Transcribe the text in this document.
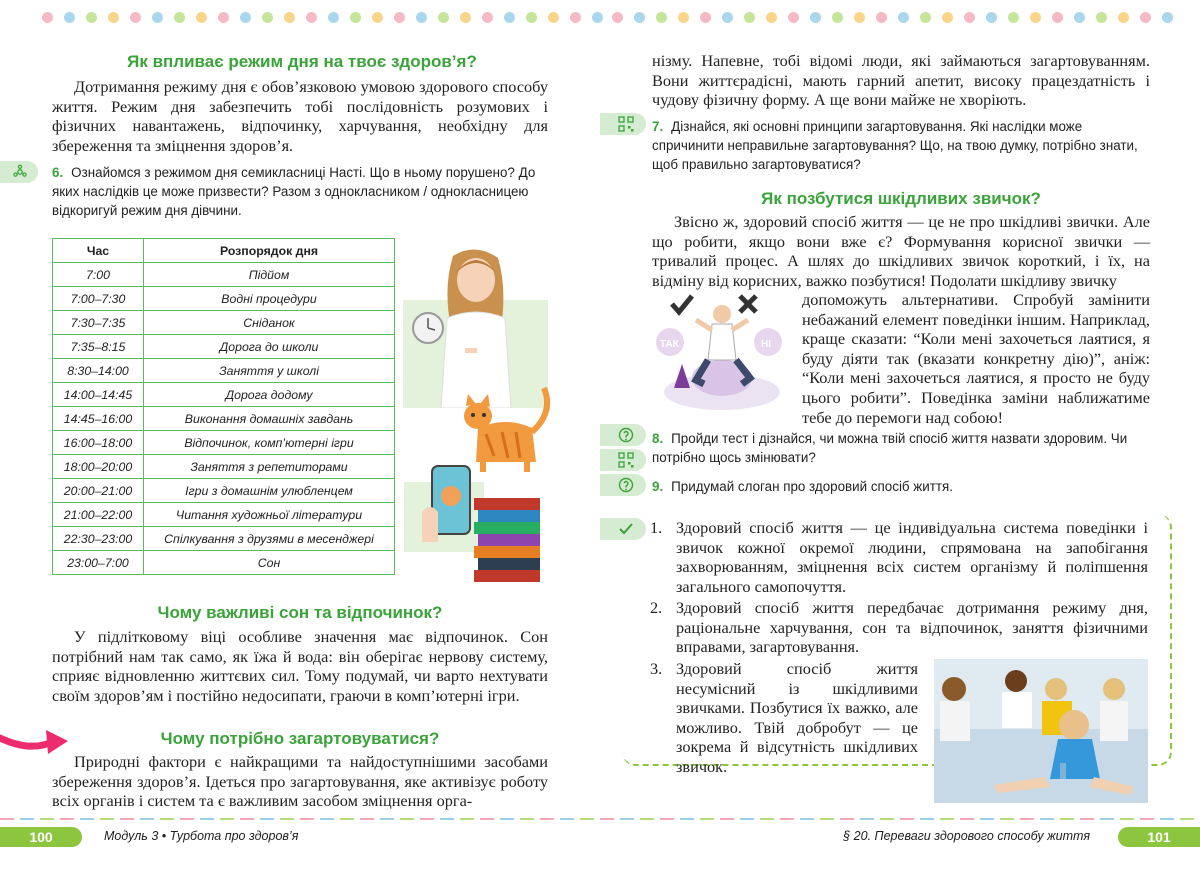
Як впливає режим дня на твоє здоров’я?
Дотримання режиму дня є обов’язковою умовою здорового способу життя. Режим дня забезпечить тобі послідовність розумових і фізичних навантажень, відпочинку, харчування, необхідну для збереження та зміцнення здоров’я.
6. Ознайомся з режимом дня семикласниці Насті. Що в ньому порушено? До яких наслідків це може призвести? Разом з однокласником / однокласницею відкоригуй режим дня дівчини.
Час	Розпорядок дня
7:00	Підйом
7:00–7:30	Водні процедури
7:30–7:35	Сніданок
7:35–8:15	Дорога до школи
8:30–14:00	Заняття у школі
14:00–14:45	Дорога додому
14:45–16:00	Виконання домашніх завдань
16:00–18:00	Відпочинок, комп’ютерні ігри
18:00–20:00	Заняття з репетиторами
20:00–21:00	Ігри з домашнім улюбленцем
21:00–22:00	Читання художньої літератури
22:30–23:00	Спілкування з друзями в месенджері
23:00–7:00	Сон
Чому важливі сон та відпочинок?
У підлітковому віці особливе значення має відпочинок. Сон потрібний нам так само, як їжа й вода: він оберігає нервову систему, сприяє відновленню життєвих сил. Тому подумай, чи варто нехтувати своїм здоров’ям і постійно недосипати, граючи в комп’ютерні ігри.
Чому потрібно загартовуватися?
Природні фактори є найкращими та найдоступнішими засобами збереження здоров’я. Ідеться про загартовування, яке активізує роботу всіх органів і систем та є важливим засобом зміцнення орга-
нізму. Напевне, тобі відомі люди, які займаються загартовуванням. Вони життєрадісні, мають гарний апетит, високу працездатність і чудову фізичну форму. А ще вони майже не хворіють.
7. Дізнайся, які основні принципи загартовування. Які наслідки може спричинити неправильне загартовування? Що, на твою думку, потрібно знати, щоб правильно загартовуватися?
Як позбутися шкідливих звичок?
Звісно ж, здоровий спосіб життя — це не про шкідливі звички. Але що робити, якщо вони вже є? Формування корисної звички — тривалий процес. А шлях до шкідливих звичок короткий, і їх, на відміну від корисних, важко позбутися! Подолати шкідливу звичку
ТАК	НІ
допоможуть альтернативи. Спробуй замінити небажаний елемент поведінки іншим. Наприклад, краще сказати: “Коли мені захочеться лаятися, я буду діяти так (вказати конкретну дію)”, аніж: “Коли мені захочеться лаятися, я просто не буду цього робити”. Поведінка заміни наближатиме тебе до перемоги над собою!
8. Пройди тест і дізнайся, чи можна твій спосіб життя назвати здоровим. Чи потрібно щось змінювати?
9. Придумай слоган про здоровий спосіб життя.
1. Здоровий спосіб життя — це індивідуальна система поведінки і звичок кожної окремої людини, спрямована на запобігання захворюванням, зміцнення всіх систем організму й поліпшення загального самопочуття.
2. Здоровий спосіб життя передбачає дотримання режиму дня, раціональне харчування, сон та відпочинок, заняття фізичними вправами, загартовування.
3. Здоровий спосіб життя несумісний із шкідливими звичками. Позбутися їх важко, але можливо. Твій добробут — це зокрема й відсутність шкідливих звичок.
100	Модуль 3 • Турбота про здоров’я	§ 20. Переваги здорового способу життя	101
